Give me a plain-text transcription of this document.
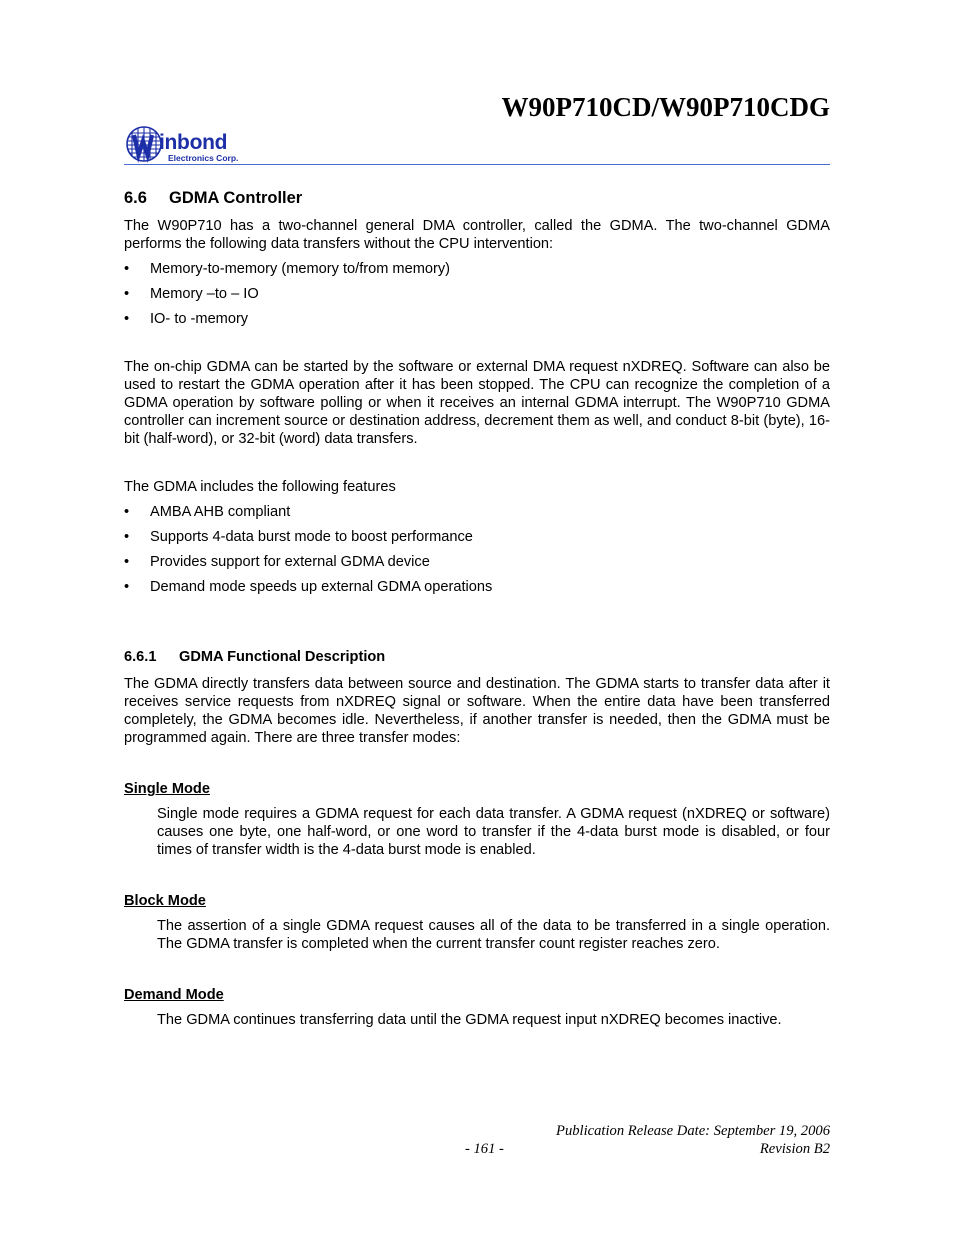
W90P710CD/W90P710CDG
inbond
Electronics Corp.
6.6 GDMA Controller

The W90P710 has a two-channel general DMA controller, called the GDMA. The two-channel GDMA performs the following data transfers without the CPU intervention:

• Memory-to-memory (memory to/from memory)
• Memory –to – IO
• IO- to -memory

The on-chip GDMA can be started by the software or external DMA request nXDREQ. Software can also be used to restart the GDMA operation after it has been stopped. The CPU can recognize the completion of a GDMA operation by software polling or when it receives an internal GDMA interrupt. The W90P710 GDMA controller can increment source or destination address, decrement them as well, and conduct 8-bit (byte), 16-bit (half-word), or 32-bit (word) data transfers.

The GDMA includes the following features

• AMBA AHB compliant
• Supports 4-data burst mode to boost performance
• Provides support for external GDMA device
• Demand mode speeds up external GDMA operations
6.6.1 GDMA Functional Description

The GDMA directly transfers data between source and destination. The GDMA starts to transfer data after it receives service requests from nXDREQ signal or software. When the entire data have been transferred completely, the GDMA becomes idle. Nevertheless, if another transfer is needed, then the GDMA must be programmed again. There are three transfer modes:

Single Mode
Single mode requires a GDMA request for each data transfer. A GDMA request (nXDREQ or software) causes one byte, one half-word, or one word to transfer if the 4-data burst mode is disabled, or four times of transfer width is the 4-data burst mode is enabled.
Block Mode
The assertion of a single GDMA request causes all of the data to be transferred in a single operation. The GDMA transfer is completed when the current transfer count register reaches zero.
Demand Mode
The GDMA continues transferring data until the GDMA request input nXDREQ becomes inactive.
Publication Release Date: September 19, 2006
- 161 -	Revision B2
